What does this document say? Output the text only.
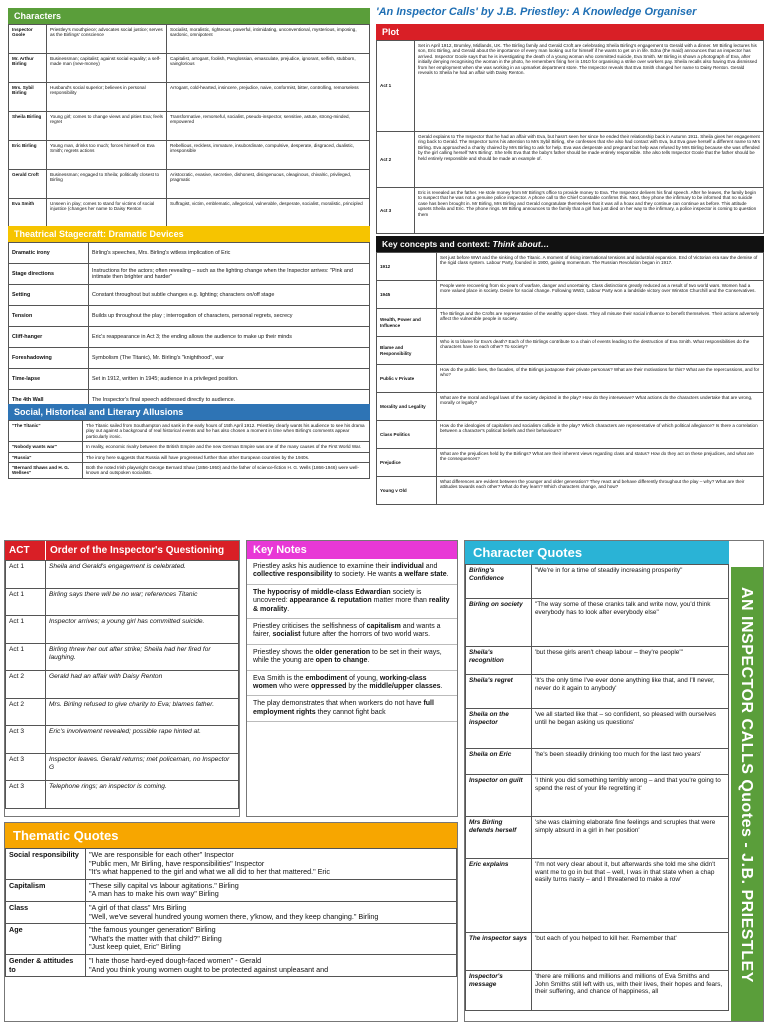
Characters
Inspector Goole	Priestley's mouthpiece; advocates social justice; serves as the Birlings' conscience	Socialist, moralistic, righteous, powerful, intimidating, unconventional, mysterious, imposing, sardonic, omnipotent
Mr. Arthur Birling	Businessman; capitalist; against social equality; a self-made man (new-money)	Capitalist, arrogant, foolish, Panglossian, emasculate, prejudice, ignorant, selfish, stubborn, vainglorious
Mrs. Sybil Birling	Husband's social superior; believes in personal responsibility	Arrogant, cold-hearted, insincere, prejudice, naive, conformist, bitter, controlling, remorseless
Sheila Birling	Young girl; comes to change views and pities Eva; feels regret	Transformative, remorseful, socialist, pseudo-inspector, sensitive, astute, strong-minded, empowered
Eric Birling	Young man, drinks too much; forces himself on Eva Smith; regrets actions	Rebellious, reckless, immature, insubordinate, compulsive, desperate, disgraced, dualistic, irresponsible
Gerald Croft	Businessman; engaged to Sheila; politically closest to Birling	Aristocratic, evasive, secretive, dishonest, disingenuous, oleaginous, chivalric, privileged, pragmatic
Eva Smith	Unseen in play; comes to stand for victims of social injustice (changes her name to Daisy Renton	Suffragist, victim, emblematic, allegorical, vulnerable, desperate, socialist, moralistic, principled
Theatrical Stagecraft: Dramatic Devices
Dramatic irony	Birling's speeches, Mrs. Birling's witless implication of Eric
Stage directions	Instructions for the actors; often revealing – such as the lighting change when the Inspector arrives: "Pink and intimate then brighter and harder"
Setting	Constant throughout but subtle changes e.g. lighting; characters on/off stage
Tension	Builds up throughout the play ; interrogation of characters, personal regrets, secrecy
Cliff-hanger	Eric's reappearance in Act 3; the ending allows the audience to make up their minds
Foreshadowing	Symbolism (The Titanic), Mr. Birling's "knighthood", war
Time-lapse	Set in 1912, written in 1945; audience in a privileged position.
The 4th Wall	The Inspector's final speech addressed directly to audience.
Social, Historical and Literary Allusions
"The Titanic"	The Titanic sailed from Southampton and sank in the early hours of 15th April 1912. Priestley clearly wants his audience to see his drama play out against a background of real historical events and he has also chosen a moment in time when Birling's comments appear particularly ironic.
"Nobody wants war"	In reality, economic rivalry between the British Empire and the new German Empire was one of the many causes of the First World War.
"Russia"	The irony here suggests that Russia will have progressed further than other European countries by the 1940s.
"Bernard Shaws and H. G. Wellses"	Both the noted Irish playwright George Bernard Shaw (1856-1950) and the father of science-fiction H. G. Wells (1866-1946) were well-known and outspoken socialists.
'An Inspector Calls' by J.B. Priestley: A Knowledge Organiser
Plot
Act 1	Set in April 1912, Brumley, Midlands, UK. The Birling family and Gerald Croft are celebrating Sheila Birling's engagement to Gerald with a dinner. Mr Birling lectures his son, Eric Birling, and Gerald about the importance of every man looking out for himself if he wants to get on in life. Edna (the maid) announces that an inspector has arrived. Inspector Goole says that he is investigating the death of a young woman who committed suicide, Eva Smith. Mr Birling is shown a photograph of Eva, after initially denying recognising the woman in the photo, he remembers firing her in 1910 for organising a strike over workers pay. Sheila recalls also having Eva dismissed from her employment when she was working in an upmarket department store. The Inspector reveals that Eva Smith changed her name to Daisy Renton. Gerald reveals to Sheila he had an affair with Daisy Renton.
Act 2	Gerald explains to The Inspector that he had an affair with Eva, but hasn't seen her since he ended their relationship back in Autumn 1911. Sheila gives her engagement ring back to Gerald. The Inspector turns his attention to Mrs Sybil Birling, she confesses that she also had contact with Eva, but Eva gave herself a different name to Mrs Birling. Eva approached a charity chaired by Mrs Birling to ask for help. Eva was desperate and pregnant but help was refused by Mrs Birling because she was offended by the girl calling herself 'Mrs Birling'. She tells Eva that the baby's father should be made entirely responsible. She also tells Inspector Goole that the father should be held entirely responsible and should be made an example of.
Act 3	Eric is revealed as the father. He stole money from Mr Birling's office to provide money to Eva. The Inspector delivers his final speech. After he leaves, the family begin to suspect that he was not a genuine police inspector. A phone call to the Chief Constable confirms this. Next, they phone the infirmary to be informed that no suicide case has been brought in. Mr Birling, Mrs Birling and Gerald congratulate themselves that it was all a hoax and they continue can continue as before. This attitude upsets Sheila and Eric. The phone rings. Mr Birling announces to the family that a girl has just died on her way to the infirmary, a police inspector is coming to question them
Key concepts and context: Think about…
1912	Set just before WWI and the sinking of the Titanic. A moment of rising international tensions and industrial expansion. End of Victorian era saw the demise of the rigid class system. Labour Party, founded in 1900, gaining momentum. The Russian Revolution began in 1917.
1945	People were recovering from six years of warfare, danger and uncertainty. Class distinctions greatly reduced as a result of two world wars. Women had a more valued place in society. Desire for social change. Following WW2, Labour Party won a landslide victory over Winston Churchill and the Conservatives.
Wealth, Power and Influence	The Birlings and the Crofts are representative of the wealthy upper-class. They all misuse their social influence to benefit themselves. Their actions adversely affect the vulnerable people in society.
Blame and Responsibility	Who is to blame for Eva's death? Each of the Birlings contribute to a chain of events leading to the destruction of Eva Smith. What responsibilities do the characters have to each other? To society?
Public v Private	How do the public lives, the facades, of the Birlings juxtapose their private personas? What are their motivations for this? What are the repercussions, and for who?
Morality and Legality	What are the moral and legal laws of the society depicted in the play? How do they interweave? What actions do the characters undertake that are wrong, morally or legally?
Class Politics	How do the ideologies of capitalism and socialism collide in the play? Which characters are representative of which political allegiance? Is there a correlation between a character's political beliefs and their behaviours?
Prejudice	What are the prejudices held by the Birlings? What are their inherent views regarding class and status? How do they act on these prejudices, and what are the consequences?
Young v Old	What differences are evident between the younger and older generation? They react and behave differently throughout the play – why? What are their attitudes towards each other? What do they learn? Which characters change, and how?
ACT	Order of the Inspector's Questioning
Act 1	Sheila and Gerald's engagement is celebrated.
Act 1	Birling says there will be no war; references Titanic
Act 1	Inspector arrives; a young girl has committed suicide.
Act 1	Birling threw her out after strike; Sheila had her fired for laughing.
Act 2	Gerald had an affair with Daisy Renton
Act 2	Mrs. Birling refused to give charity to Eva; blames father.
Act 3	Eric's involvement revealed; possible rape hinted at.
Act 3	Inspector leaves. Gerald returns; met policeman, no Inspector G
Act 3	Telephone rings; an inspector is coming.
Key Notes

Priestley asks his audience to examine their individual and collective responsibility to society. He wants a welfare state.

The hypocrisy of middle-class Edwardian society is uncovered: appearance & reputation matter more than reality & morality.

Priestley criticises the selfishness of capitalism and wants a fairer, socialist future after the horrors of two world wars.

Priestley shows the older generation to be set in their ways, while the young are open to change.

Eva Smith is the embodiment of young, working-class women who were oppressed by the middle/upper classes.

The play demonstrates that when workers do not have full employment rights they cannot fight back

Character Quotes
Birling's Confidence	"We're in for a time of steadily increasing prosperity"
Birling on society	"The way some of these cranks talk and write now, you'd think everybody has to look after everybody else"
Sheila's recognition	'but these girls aren't cheap labour – they're people'"
Sheila's regret	'It's the only time I've ever done anything like that, and I'll never, never do it again to anybody'
Sheila on the inspector	'we all started like that – so confident, so pleased with ourselves until he began asking us questions'
Sheila on Eric	'he's been steadily drinking too much for the last two years'
Inspector on guilt	'I think you did something terribly wrong – and that you're going to spend the rest of your life regretting it'
Mrs Birling defends herself	'she was claiming elaborate fine feelings and scruples that were simply absurd in a girl in her position'
Eric explains	'I'm not very clear about it, but afterwards she told me she didn't want me to go in but that – well, I was in that state when a chap easily turns nasty – and I threatened to make a row'
The inspector says	'but each of you helped to kill her. Remember that'
Inspector's message	'there are millions and millions and millions of Eva Smiths and John Smiths still left with us, with their lives, their hopes and fears, their suffering, and chance of happiness, all
AN INSPECTOR CALLS Quotes - J.B. PRIESTLEY
Thematic Quotes
Social responsibility	"We are responsible for each other" Inspector
"Public men, Mr Birling, have responsibilities" Inspector
"It's what happened to the girl and what we all did to her that mattered." Eric

Capitalism	"These silly capital vs labour agitations." Birling
"A man has to make his own way" Birling

Class	"A girl of that class" Mrs Birling
"Well, we've several hundred young women there, y'know, and they keep changing." Birling

Age	"the famous younger generation" Birling
"What's the matter with that child?" Birling
"Just keep quiet, Eric" Birling

Gender & attitudes to	"I hate those hard-eyed dough-faced women" - Gerald
"And you think young women ought to be protected against unpleasant and
